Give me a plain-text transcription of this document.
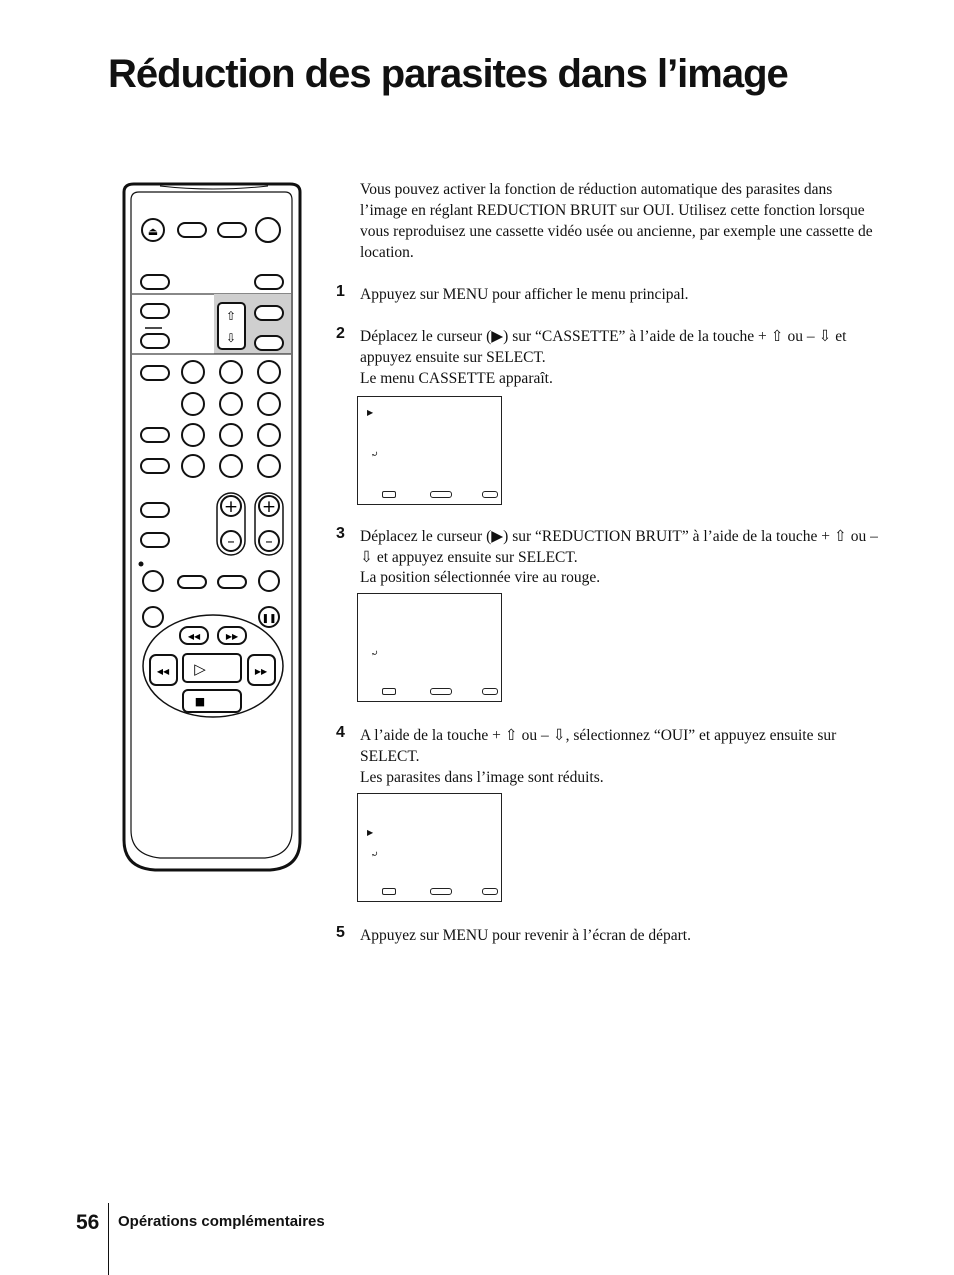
Réduction des parasites dans l’image
⏏
⇧
⇩
+
–
+
–
❚❚
◀◀	▶▶
◀◀ ▷	▶▶
■

Vous pouvez activer la fonction de réduction automatique des parasites dans l’image en réglant REDUCTION BRUIT sur OUI. Utilisez cette fonction lorsque vous reproduisez une cassette vidéo usée ou ancienne, par exemple une cassette de location.

1 Appuyez sur MENU pour afficher le menu principal.

2 Déplacez le curseur (▶) sur “CASSETTE” à l’aide de la touche + ⇧ ou – ⇩ et appuyez ensuite sur SELECT.

Le menu CASSETTE apparaît.

▶
⤾
3 Déplacez le curseur (▶) sur “REDUCTION BRUIT” à l’aide de la touche + ⇧ ou – ⇩ et appuyez ensuite sur SELECT.

La position sélectionnée vire au rouge.

⤾
4 A l’aide de la touche + ⇧ ou – ⇩, sélectionnez “OUI” et appuyez ensuite sur SELECT.

Les parasites dans l’image sont réduits.

▶
⤾
5 Appuyez sur MENU pour revenir à l’écran de départ.

56 Opérations complémentaires
